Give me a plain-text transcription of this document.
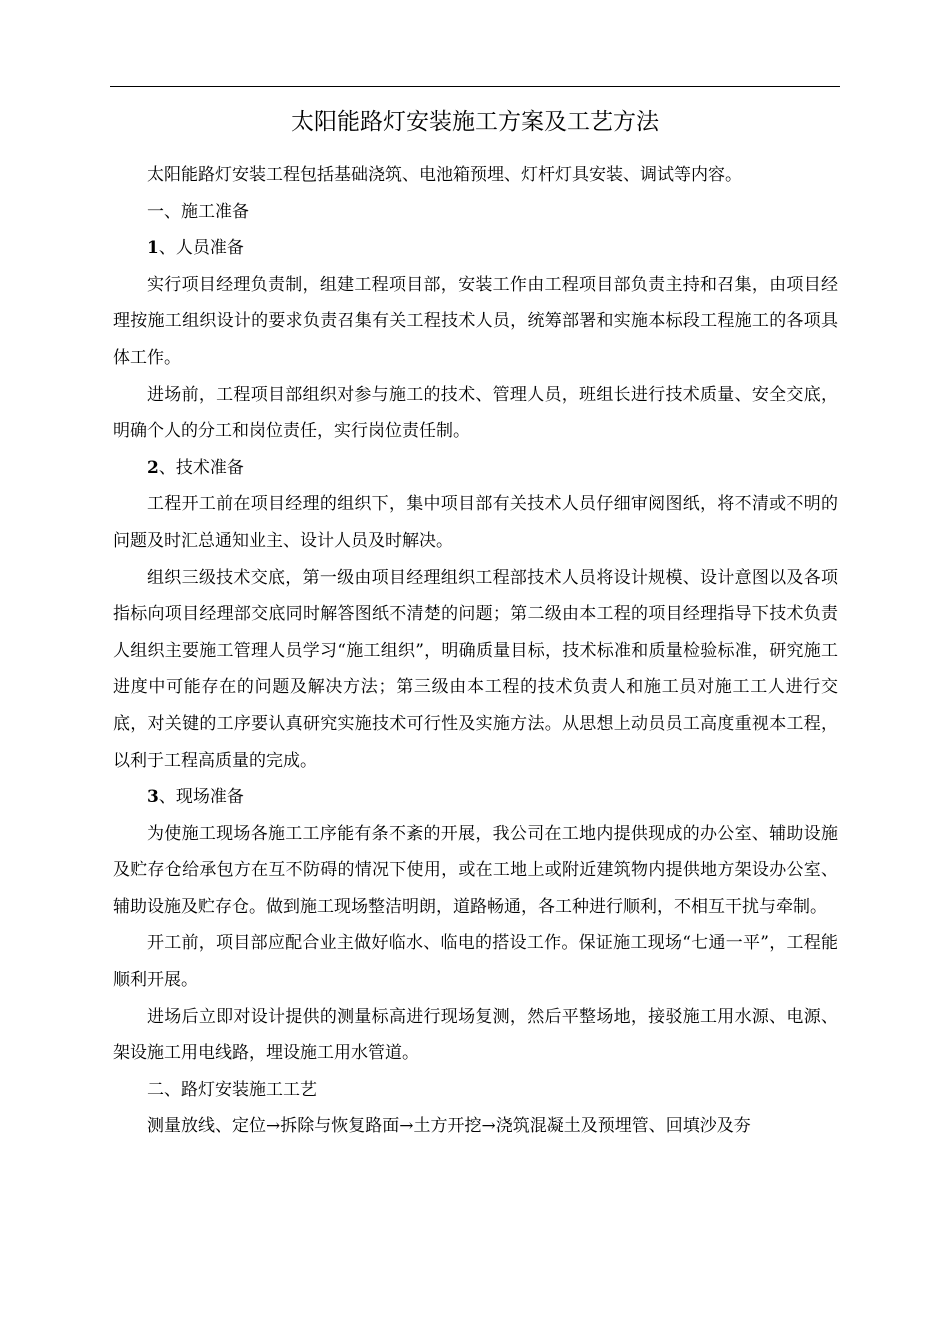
太阳能路灯安装施工方案及工艺方法

太阳能路灯安装工程包括基础浇筑、电池箱预埋、灯杆灯具安装、调试等内容。

一、施工准备

1、人员准备

实行项目经理负责制，组建工程项目部，安装工作由工程项目部负责主持和召集，由项目经理按施工组织设计的要求负责召集有关工程技术人员，统筹部署和实施本标段工程施工的各项具体工作。

进场前，工程项目部组织对参与施工的技术、管理人员，班组长进行技术质量、安全交底，明确个人的分工和岗位责任，实行岗位责任制。

2、技术准备

工程开工前在项目经理的组织下，集中项目部有关技术人员仔细审阅图纸，将不清或不明的问题及时汇总通知业主、设计人员及时解决。

组织三级技术交底，第一级由项目经理组织工程部技术人员将设计规模、设计意图以及各项指标向项目经理部交底同时解答图纸不清楚的问题；第二级由本工程的项目经理指导下技术负责人组织主要施工管理人员学习“施工组织”，明确质量目标，技术标准和质量检验标准，研究施工进度中可能存在的问题及解决方法；第三级由本工程的技术负责人和施工员对施工工人进行交底，对关键的工序要认真研究实施技术可行性及实施方法。从思想上动员员工高度重视本工程，以利于工程高质量的完成。

3、现场准备

为使施工现场各施工工序能有条不紊的开展，我公司在工地内提供现成的办公室、辅助设施及贮存仓给承包方在互不防碍的情况下使用，或在工地上或附近建筑物内提供地方架设办公室、辅助设施及贮存仓。做到施工现场整洁明朗，道路畅通，各工种进行顺利，不相互干扰与牵制。

开工前，项目部应配合业主做好临水、临电的搭设工作。保证施工现场“七通一平”，工程能顺利开展。

进场后立即对设计提供的测量标高进行现场复测，然后平整场地，接驳施工用水源、电源、架设施工用电线路，埋设施工用水管道。

二、路灯安装施工工艺

测量放线、定位→拆除与恢复路面→土方开挖→浇筑混凝土及预埋管、回填沙及夯
